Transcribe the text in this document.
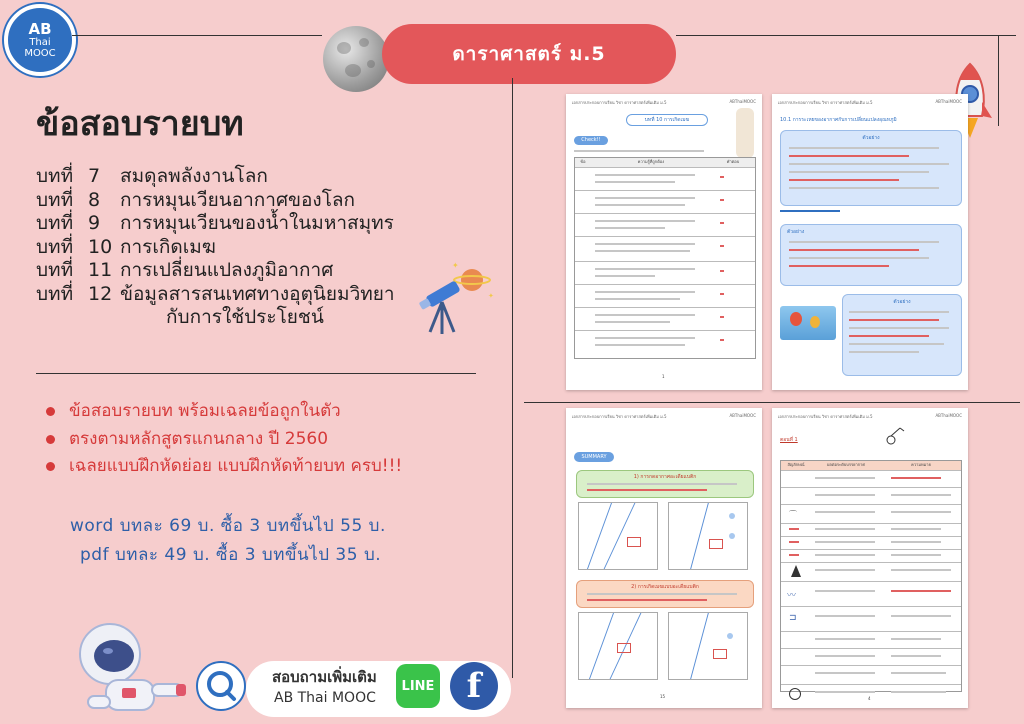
AB
Thai
MOOC	ดาราศาสตร์ ม.5
ข้อสอบรายบท
บทที่ 7	สมดุลพลังงานโลก
บทที่ 8	การหมุนเวียนอากาศของโลก
บทที่ 9	การหมุนเวียนของน้ำในมหาสมุทร
บทที่ 10 การเกิดเมฆ
บทที่ 11 การเปลี่ยนแปลงภูมิอากาศ
บทที่ 12 ข้อมูลสารสนเทศทางอุตุนิยมวิทยา
กับการใช้ประโยชน์
✦
✦
ข้อสอบรายบท พร้อมเฉลยข้อถูกในตัว
ตรงตามหลักสูตรแกนกลาง ปี 2560
เฉลยแบบฝึกหัดย่อย แบบฝึกหัดท้ายบท ครบ!!!
word บทละ 69 บ. ซื้อ 3 บทขึ้นไป 55 บ.
pdf บทละ 49 บ. ซื้อ 3 บทขึ้นไป 35 บ.
สอบถามเพิ่มเติม
AB Thai MOOC
LINE f
เอกสารประกอบการเรียน วิชา ดาราศาสตร์เพิ่มเติม ม.5	ABThaiMOOC
บทที่ 10 การเกิดเมฆ
Check!!
ข้อ	ความรู้ที่ถูกต้อง	คำตอบ
1
เอกสารประกอบการเรียน วิชา ดาราศาสตร์เพิ่มเติม ม.5	ABThaiMOOC
10.1 การระเหยของอากาศกับการเปลี่ยนแปลงอุณหภูมิ
ตัวอย่าง
ตัวอย่าง
ตัวอย่าง
เอกสารประกอบการเรียน วิชา ดาราศาสตร์เพิ่มเติม ม.5	ABThaiMOOC
SUMMARY
1) การกดอากาศอะเดียแบติก
2) การเกิดเมฆแบบอะเดียแบติก
15
เอกสารประกอบการเรียน วิชา ดาราศาสตร์เพิ่มเติม ม.5	ABThaiMOOC
ตอนที่ 1
สัญลักษณ์	ผลต่อระดับบรรยากาศ	ความหมาย
⌒
〰
⊐
4
